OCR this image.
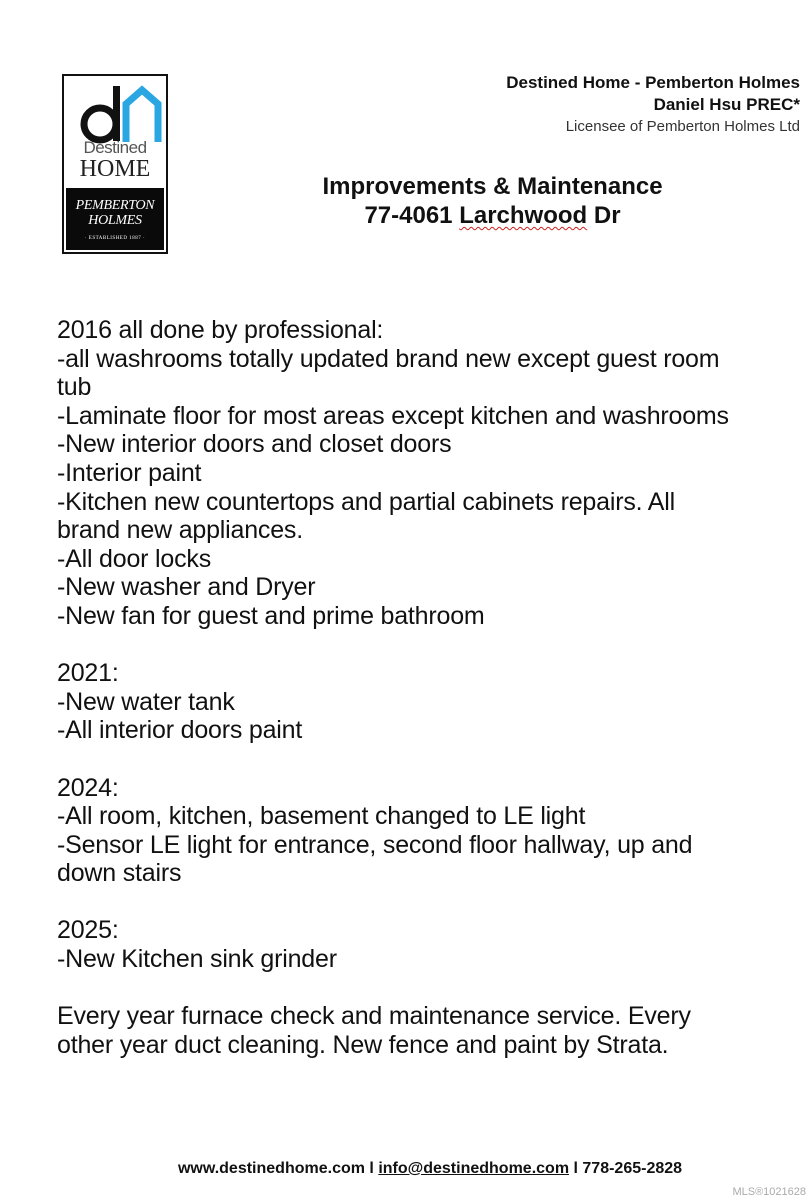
Destined
HOME
PEMBERTON
HOLMES
· ESTABLISHED 1887 ·
Destined Home - Pemberton Holmes
Daniel Hsu PREC*
Licensee of Pemberton Holmes Ltd
Improvements & Maintenance
77-4061 Larchwood Dr
2016 all done by professional:
-all washrooms totally updated brand new except guest room
tub
-Laminate floor for most areas except kitchen and washrooms
-New interior doors and closet doors
-Interior paint
-Kitchen new countertops and partial cabinets repairs. All
brand new appliances.
-All door locks
-New washer and Dryer
-New fan for guest and prime bathroom
2021:
-New water tank
-All interior doors paint
2024:
-All room, kitchen, basement changed to LE light
-Sensor LE light for entrance, second floor hallway, up and
down stairs
2025:
-New Kitchen sink grinder
Every year furnace check and maintenance service. Every
other year duct cleaning. New fence and paint by Strata.
www.destinedhome.com l info@destinedhome.com l 778-265-2828
MLS®1021628
